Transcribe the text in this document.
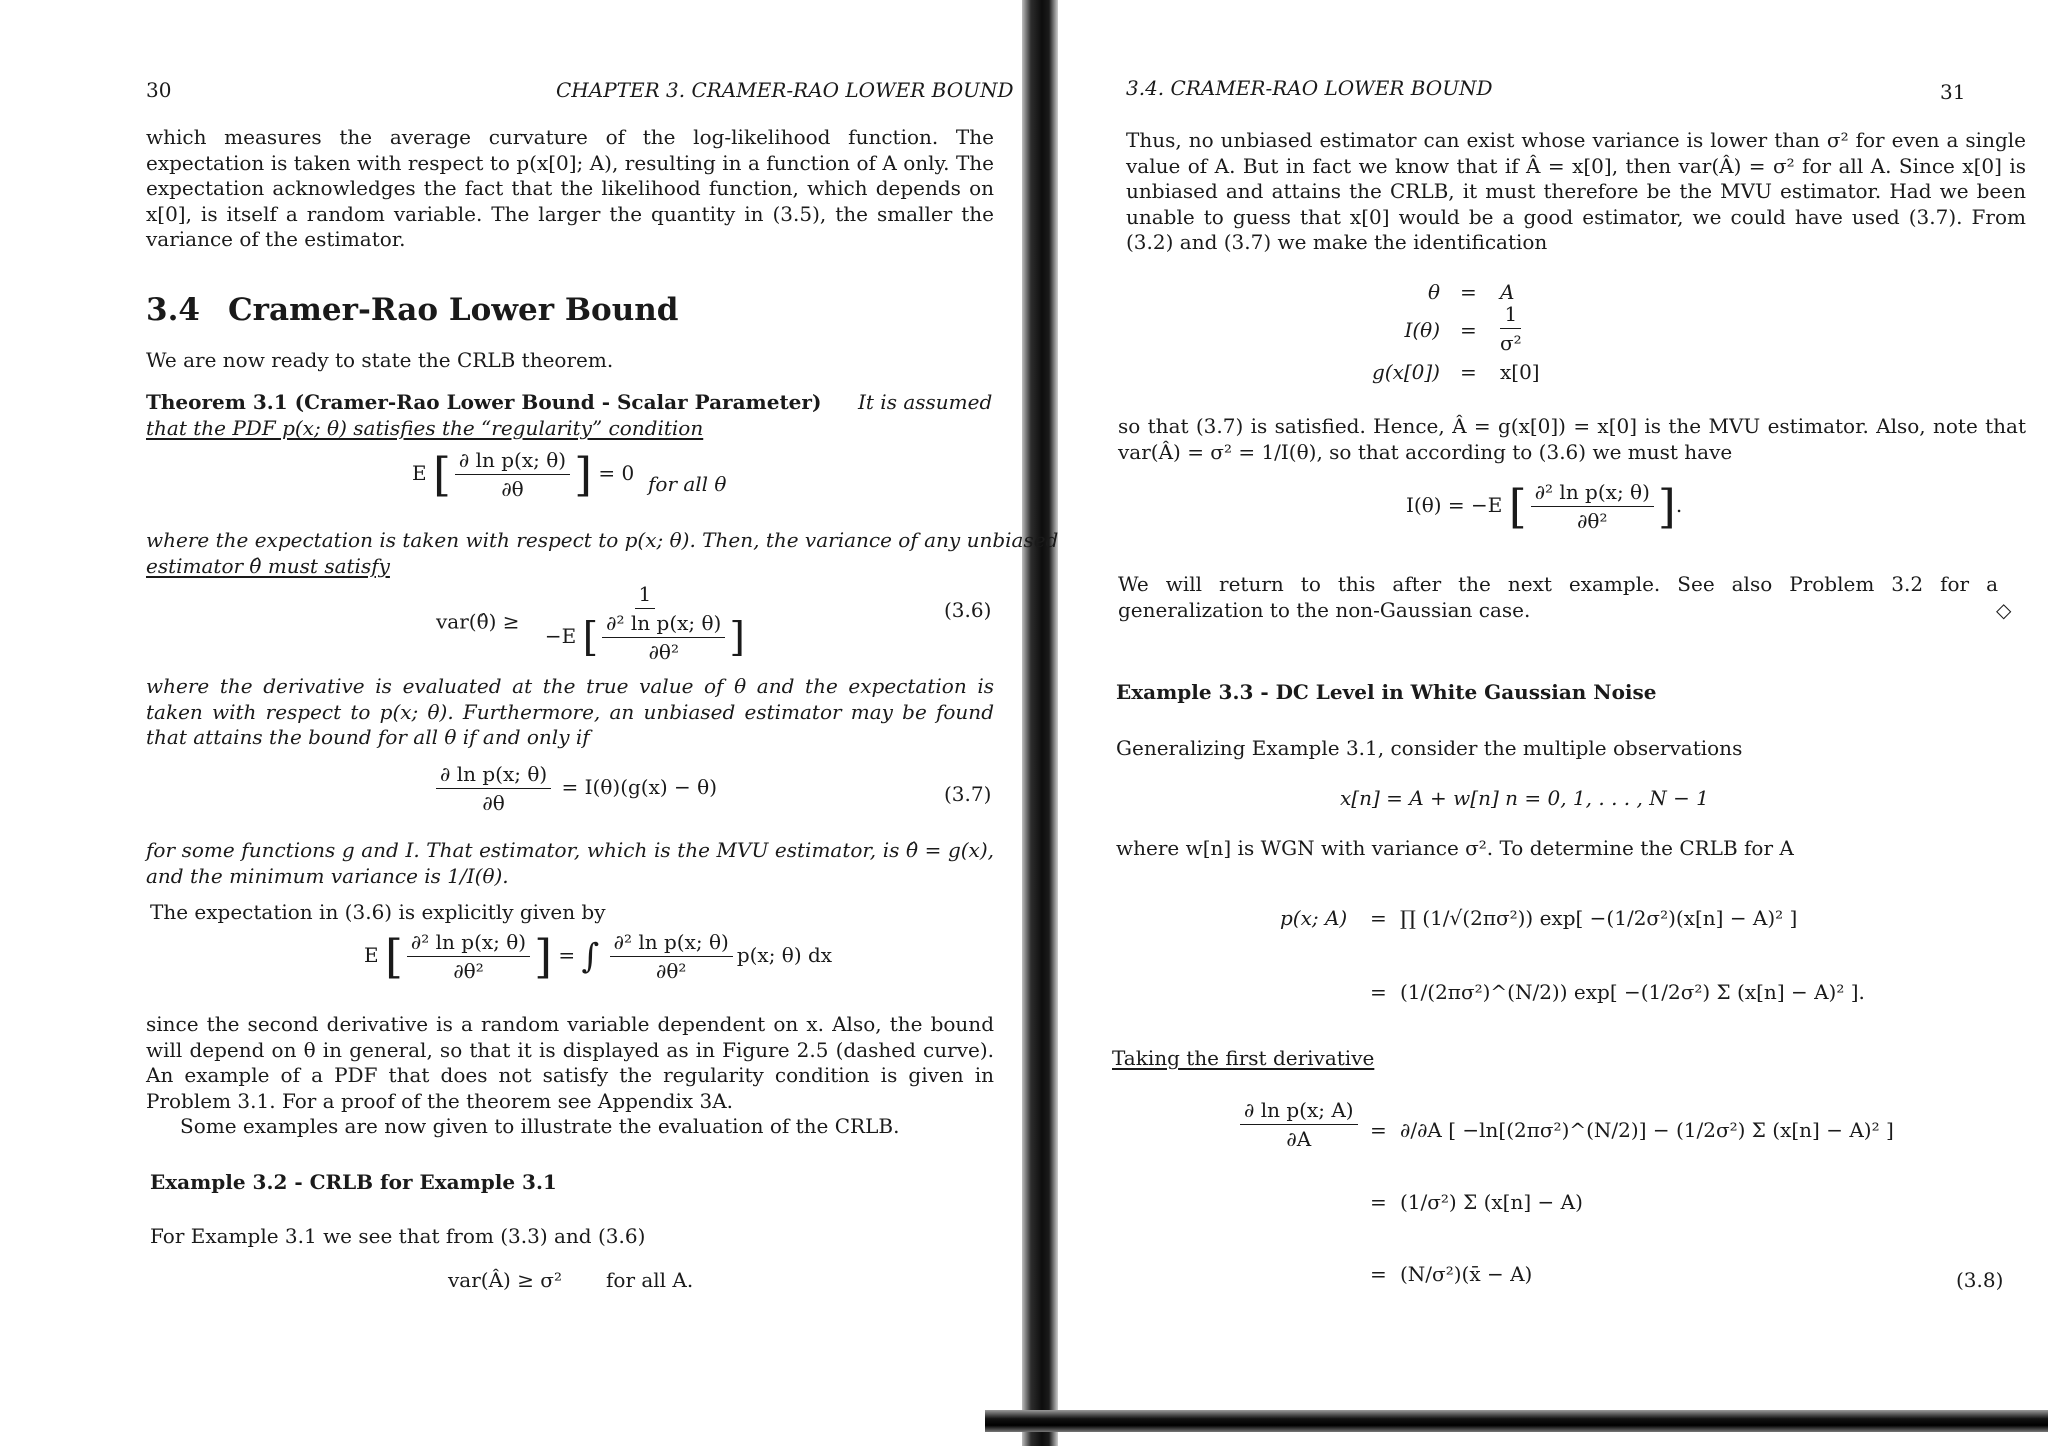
30	CHAPTER 3. CRAMER-RAO LOWER BOUND
which measures the average curvature of the log-likelihood function. The expectation is taken with respect to p(x[0]; A), resulting in a function of A only. The expectation acknowledges the fact that the likelihood function, which depends on x[0], is itself a random variable. The larger the quantity in (3.5), the smaller the variance of the estimator.
3.4 Cramer-Rao Lower Bound
We are now ready to state the CRLB theorem.
Theorem 3.1 (Cramer-Rao Lower Bound - Scalar Parameter) It is assumed
that the PDF p(x; θ) satisfies the “regularity” condition
E [ $\frac{\text{∂ ln p(x; θ)}}{\partial\theta}$ ] = 0 for all θ
where the expectation is taken with respect to p(x; θ). Then, the variance of any unbiased
estimator θ̂ must satisfy
var(θ̂) ≥ $\frac{1}{-E [ \frac{\text{∂² ln p(x; θ)}}{\text{∂θ²}} ]}$	(3.6)
where the derivative is evaluated at the true value of θ and the expectation is taken with respect to p(x; θ). Furthermore, an unbiased estimator may be found that attains the bound for all θ if and only if
$\frac{\text{∂ ln p(x; θ)}}{\partial\theta} = I(\theta)(g(x) - \theta)$	(3.7)
for some functions g and I. That estimator, which is the MVU estimator, is θ̂ = g(x), and the minimum variance is 1/I(θ).
The expectation in (3.6) is explicitly given by
E [ $\frac{\text{∂² ln p(x; θ)}}{\text{∂θ²}}$ ] = ∫ $\frac{\text{∂² ln p(x; θ)}}{\text{∂θ²}} p(x$; θ) dx
since the second derivative is a random variable dependent on x. Also, the bound will depend on θ in general, so that it is displayed as in Figure 2.5 (dashed curve). An example of a PDF that does not satisfy the regularity condition is given in Problem 3.1. For a proof of the theorem see Appendix 3A.
Some examples are now given to illustrate the evaluation of the CRLB.
Example 3.2 - CRLB for Example 3.1
For Example 3.1 we see that from (3.3) and (3.6)
var(Â) ≥ σ² for all A.
3.4. CRAMER-RAO LOWER BOUND	31
Thus, no unbiased estimator can exist whose variance is lower than σ² for even a single value of A. But in fact we know that if Â = x[0], then var(Â) = σ² for all A. Since x[0] is unbiased and attains the CRLB, it must therefore be the MVU estimator. Had we been unable to guess that x[0] would be a good estimator, we could have used (3.7). From (3.2) and (3.7) we make the identification
θ = A
$I(\theta) = \frac{1}{\text{σ²}}$
g(x[0]) = x[0]
so that (3.7) is satisfied. Hence, Â = g(x[0]) = x[0] is the MVU estimator. Also, note that var(Â) = σ² = 1/I(θ), so that according to (3.6) we must have
I(θ) = −E [ $\frac{\text{∂² ln p(x; θ)}}{\text{∂θ²}}$ ].
We will return to this after the next example. See also Problem 3.2 for a generalization to the non-Gaussian case.	◇
Example 3.3 - DC Level in White Gaussian Noise
Generalizing Example 3.1, consider the multiple observations
x[n] = A + w[n] n = 0, 1, . . . , N − 1
where w[n] is WGN with variance σ². To determine the CRLB for A
p(x; A) = ∏ (1/√(2πσ²)) exp[ −(1/2σ²)(x[n] − A)² ]
= (1/(2πσ²)^(N/2)) exp[ −(1/2σ²) Σ (x[n] − A)² ].
Taking the first derivative
$\frac{\text{∂ ln p(x; A)}}{\partial A} = \partial/\partial A$ [ −ln[(2πσ²)^(N/2)] − (1/2σ²) Σ (x[n] − A)² ]
= (1/σ²) Σ (x[n] − A)
= (N/σ²)(x̄ − A)	(3.8)
